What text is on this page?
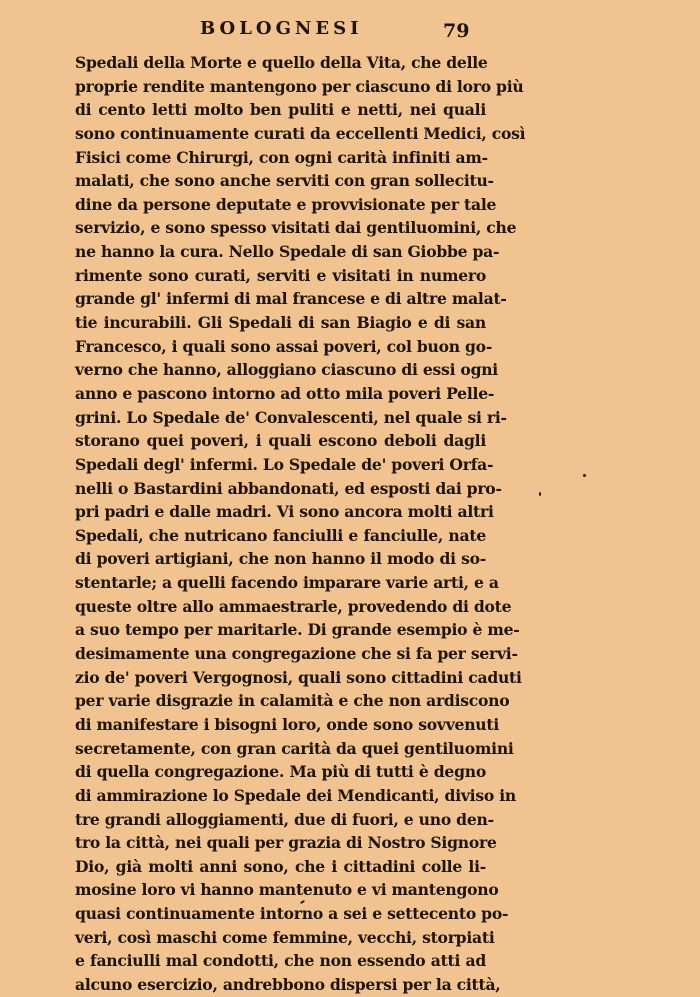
BOLOGNESI	79
Spedali della Morte e quello della Vita, che delle
proprie rendite mantengono per ciascuno di loro più
di cento letti molto ben puliti e netti, nei quali
sono continuamente curati da eccellenti Medici, così
Fisici come Chirurgi, con ogni carità infiniti am-
malati, che sono anche serviti con gran sollecitu-
dine da persone deputate e provvisionate per tale
servizio, e sono spesso visitati dai gentiluomini, che
ne hanno la cura. Nello Spedale di san Giobbe pa-
rimente sono curati, serviti e visitati in numero
grande gl' infermi di mal francese e di altre malat-
tie incurabili. Gli Spedali di san Biagio e di san
Francesco, i quali sono assai poveri, col buon go-
verno che hanno, alloggiano ciascuno di essi ogni
anno e pascono intorno ad otto mila poveri Pelle-
grini. Lo Spedale de' Convalescenti, nel quale si ri-
storano quei poveri, i quali escono deboli dagli
Spedali degl' infermi. Lo Spedale de' poveri Orfa-
nelli o Bastardini abbandonati, ed esposti dai pro-
pri padri e dalle madri. Vi sono ancora molti altri
Spedali, che nutricano fanciulli e fanciulle, nate
di poveri artigiani, che non hanno il modo di so-
stentarle; a quelli facendo imparare varie arti, e a
queste oltre allo ammaestrarle, provedendo di dote
a suo tempo per maritarle. Di grande esempio è me-
desimamente una congregazione che si fa per servi-
zio de' poveri Vergognosi, quali sono cittadini caduti
per varie disgrazie in calamità e che non ardiscono
di manifestare i bisogni loro, onde sono sovvenuti
secretamente, con gran carità da quei gentiluomini
di quella congregazione. Ma più di tutti è degno
di ammirazione lo Spedale dei Mendicanti, diviso in
tre grandi alloggiamenti, due di fuori, e uno den-
tro la città, nei quali per grazia di Nostro Signore
Dio, già molti anni sono, che i cittadini colle li-
mosine loro vi hanno mantenuto e vi mantengono
quasi continuamente intorno a sei e settecento po-
veri, così maschi come femmine, vecchi, storpiati
e fanciulli mal condotti, che non essendo atti ad
alcuno esercizio, andrebbono dispersi per la città,
